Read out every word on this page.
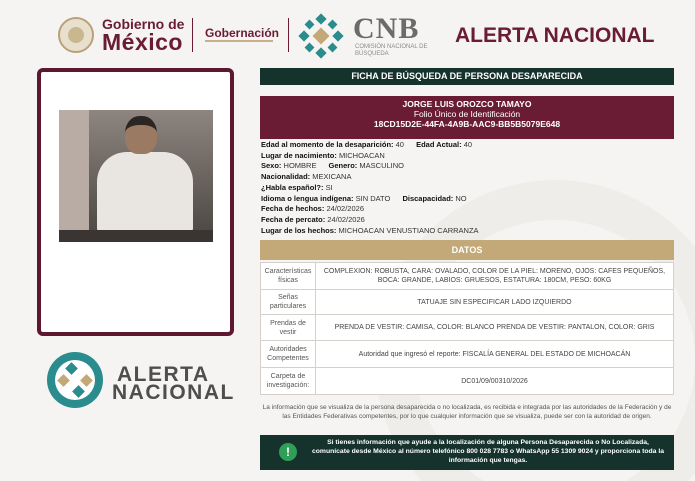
Gobierno de
México Gobernación CNB
COMISIÓN NACIONAL DE BÚSQUEDA
ALERTA NACIONAL
ALERTA
NACIONAL
FICHA DE BÚSQUEDA DE PERSONA DESAPARECIDA
JORGE LUIS OROZCO TAMAYO
Folio Único de Identificación
18CD15D2E-44FA-4A9B-AAC9-BB5B5079E648
Edad al momento de la desaparición: 40 Edad Actual: 40
Lugar de nacimiento: MICHOACAN
Sexo: HOMBRE Genero: MASCULINO
Nacionalidad: MEXICANA
¿Habla español?: SI
Idioma o lengua indígena: SIN DATO Discapacidad: NO
Fecha de hechos: 24/02/2026
Fecha de percato: 24/02/2026
Lugar de los hechos: MICHOACAN VENUSTIANO CARRANZA
DATOS
Características físicas	COMPLEXION: ROBUSTA, CARA: OVALADO, COLOR DE LA PIEL: MORENO, OJOS: CAFES PEQUEÑOS, BOCA: GRANDE, LABIOS: GRUESOS, ESTATURA: 180CM, PESO: 60KG
Señas particulares	TATUAJE SIN ESPECIFICAR LADO IZQUIERDO
Prendas de vestir	PRENDA DE VESTIR: CAMISA, COLOR: BLANCO PRENDA DE VESTIR: PANTALON, COLOR: GRIS
Autoridades Competentes	Autoridad que ingresó el reporte: FISCALÍA GENERAL DEL ESTADO DE MICHOACÁN
Carpeta de investigación:	DC01/09/00310/2026
La información que se visualiza de la persona desaparecida o no localizada, es recibida e integrada por las autoridades de la Federación y de las Entidades Federativas competentes, por lo que cualquier información que se visualiza, puede ser con la autoridad de origen.
!
Si tienes información que ayude a la localización de alguna Persona Desaparecida o No Localizada, comunícate desde México al número telefónico 800 028 7783 o WhatsApp 55 1309 9024 y proporciona toda la información que tengas.
